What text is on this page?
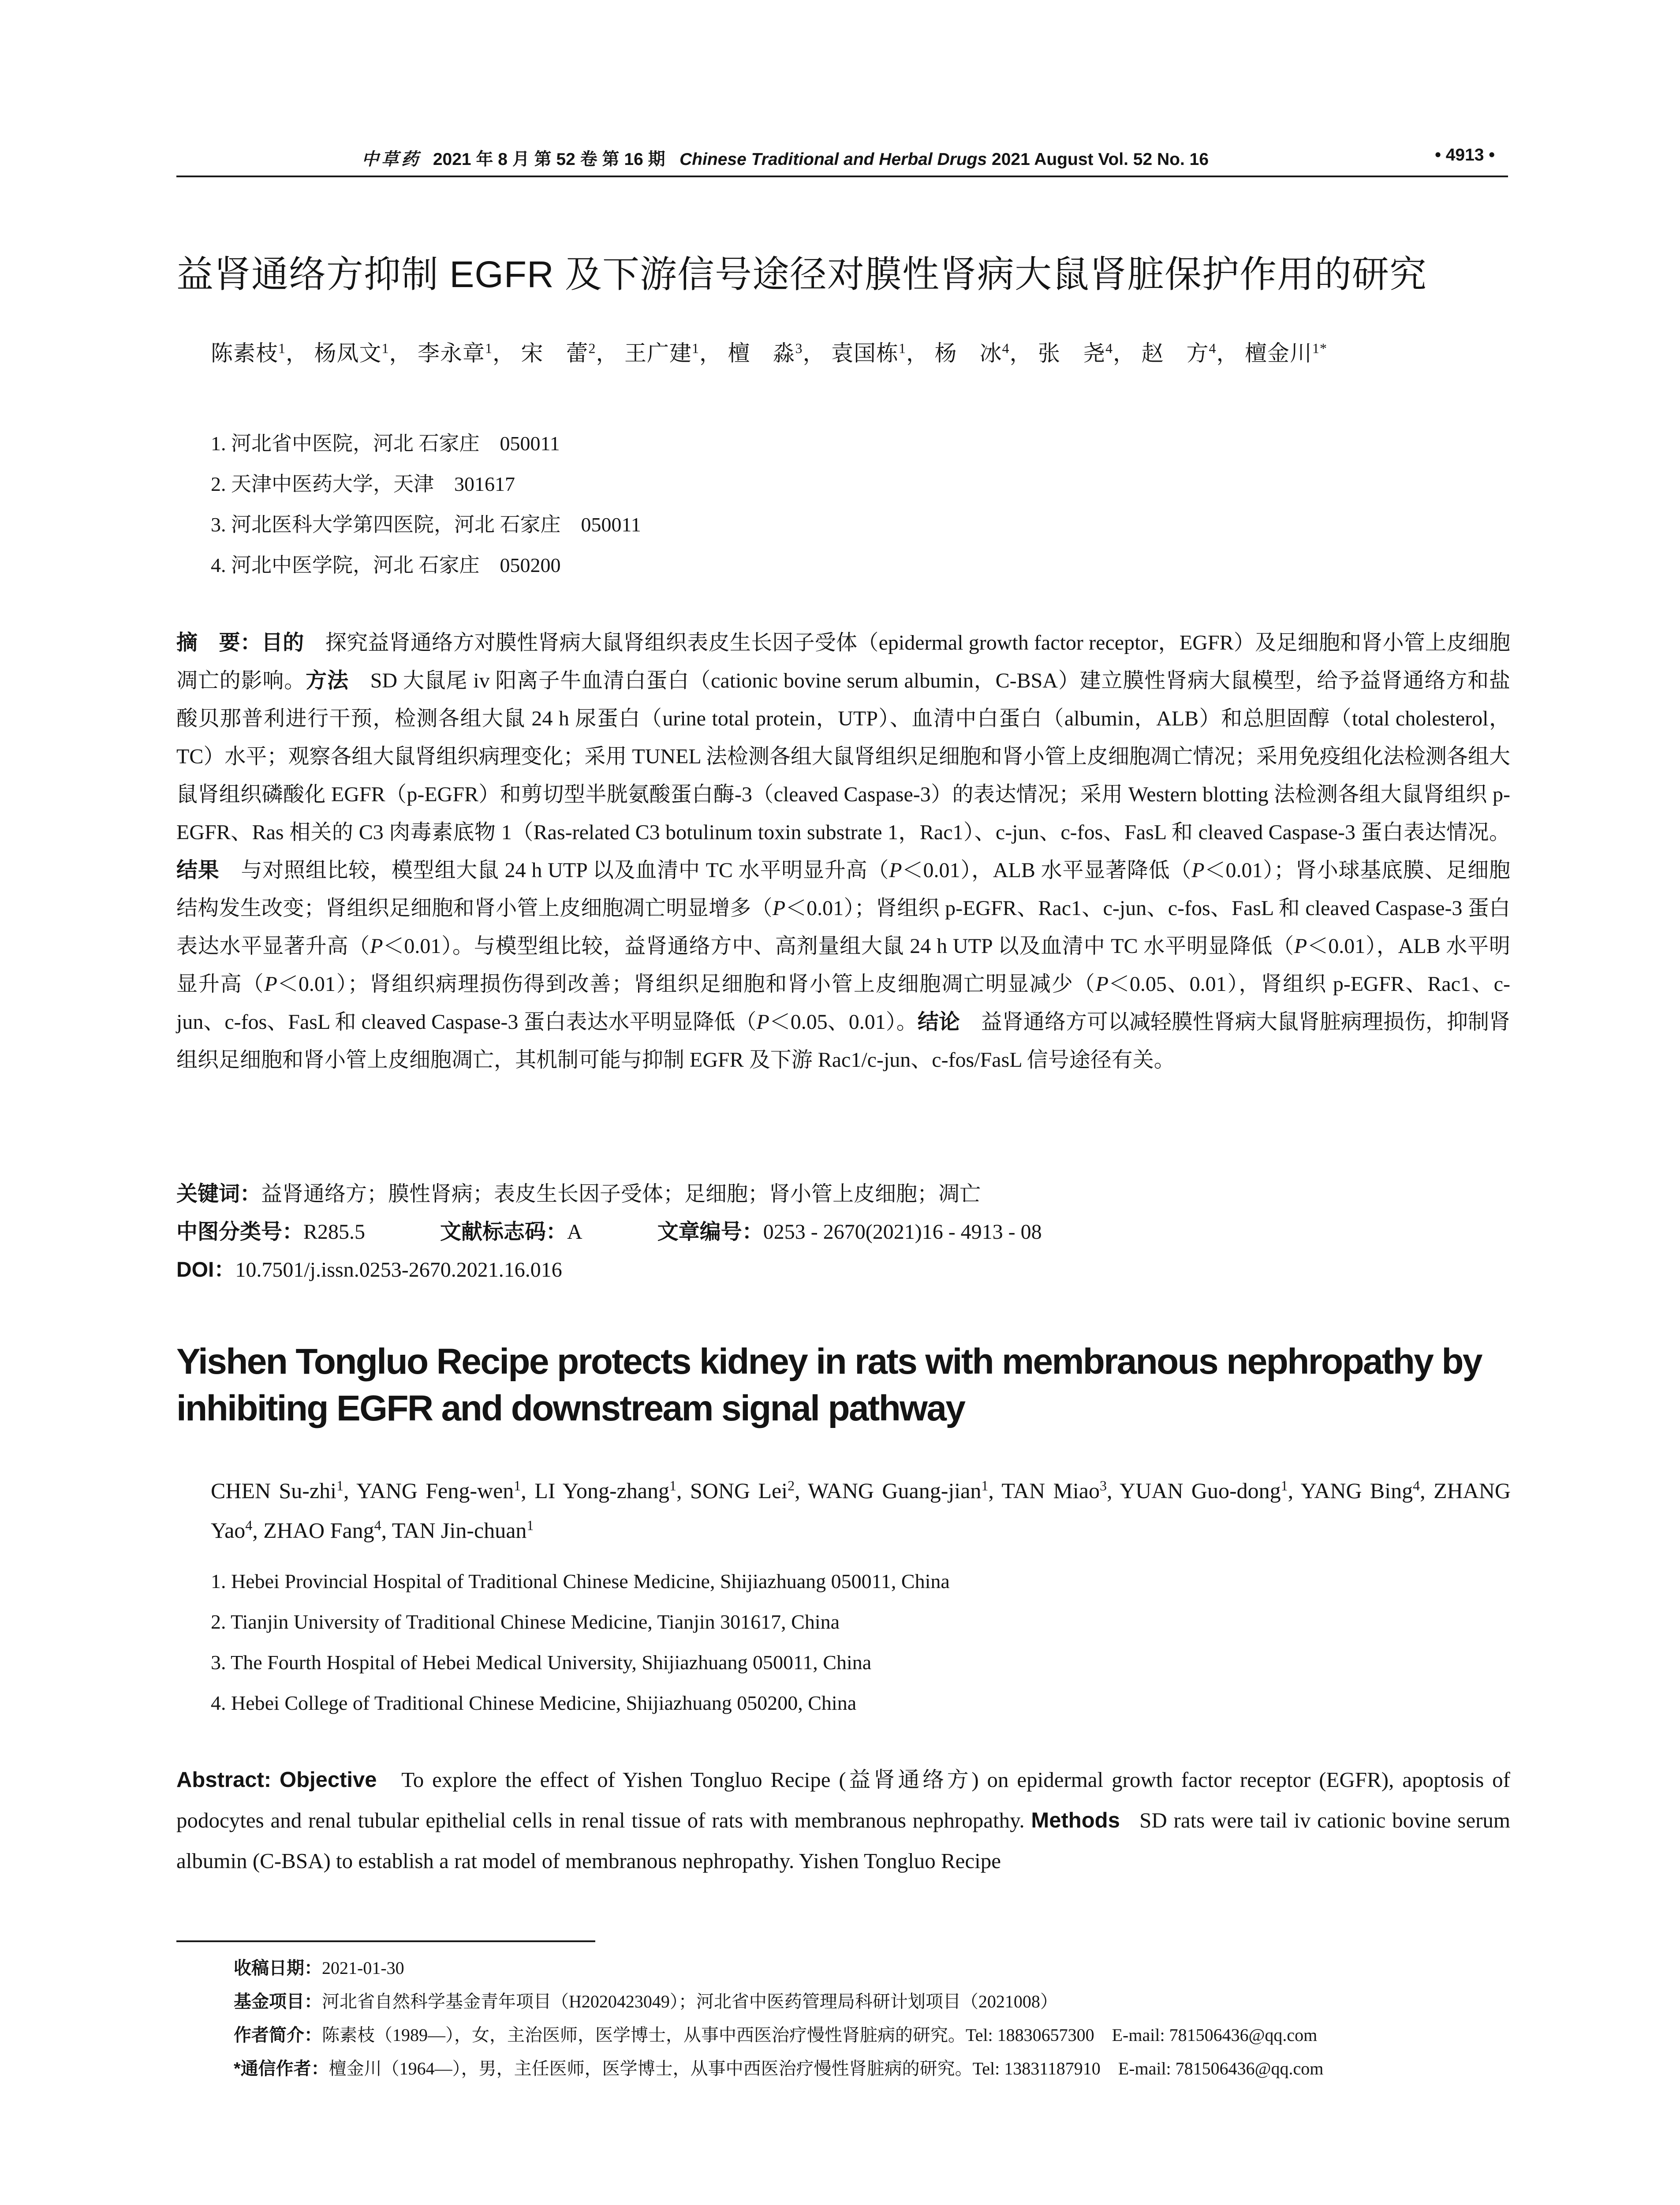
中草药 2021 年 8 月 第 52 卷 第 16 期 Chinese Traditional and Herbal Drugs 2021 August Vol. 52 No. 16	• 4913 •
益肾通络方抑制 EGFR 及下游信号途径对膜性肾病大鼠肾脏保护作用的研究

陈素枝$^1$， 杨凤文$^1$， 李永章$^1$， 宋　蕾$^2$， 王广建$^1$， 檀　淼$^3$， 袁国栋$^1$， 杨　冰$^4$， 张　尧$^4$， 赵　方$^4$， 檀金川$^{1*}$

1. 河北省中医院，河北 石家庄　050011
2. 天津中医药大学，天津　301617
3. 河北医科大学第四医院，河北 石家庄　050011
4. 河北中医学院，河北 石家庄　050200

摘　要：目的　 探究益肾通络方对膜性肾病大鼠肾组织表皮生长因子受体（epidermal growth factor receptor，EGFR）及足细胞和肾小管上皮细胞凋亡的影响。方法　 SD 大鼠尾 iv 阳离子牛血清白蛋白（cationic bovine serum albumin，C-BSA）建立膜性肾病大鼠模型，给予益肾通络方和盐酸贝那普利进行干预，检测各组大鼠 24 h 尿蛋白（urine total protein，UTP）、血清中白蛋白（albumin，ALB）和总胆固醇（total cholesterol，TC）水平；观察各组大鼠肾组织病理变化；采用 TUNEL 法检测各组大鼠肾组织足细胞和肾小管上皮细胞凋亡情况；采用免疫组化法检测各组大鼠肾组织磷酸化 EGFR（p-EGFR）和剪切型半胱氨酸蛋白酶-3（cleaved Caspase-3）的表达情况；采用 Western blotting 法检测各组大鼠肾组织 p-EGFR、Ras 相关的 C3 肉毒素底物 1（Ras-related C3 botulinum toxin substrate 1，Rac1）、c-jun、c-fos、FasL 和 cleaved Caspase-3 蛋白表达情况。结果　 与对照组比较，模型组大鼠 24 h UTP 以及血清中 TC 水平明显升高（P＜0.01），ALB 水平显著降低（P＜0.01）；肾小球基底膜、足细胞结构发生改变；肾组织足细胞和肾小管上皮细胞凋亡明显增多（P＜0.01）；肾组织 p-EGFR、Rac1、c-jun、c-fos、FasL 和 cleaved Caspase-3 蛋白表达水平显著升高（P＜0.01）。与模型组比较，益肾通络方中、高剂量组大鼠 24 h UTP 以及血清中 TC 水平明显降低（P＜0.01），ALB 水平明显升高（P＜0.01）；肾组织病理损伤得到改善；肾组织足细胞和肾小管上皮细胞凋亡明显减少（P＜0.05、0.01），肾组织 p-EGFR、Rac1、c-jun、c-fos、FasL 和 cleaved Caspase-3 蛋白表达水平明显降低（P＜0.05、0.01）。结论　 益肾通络方可以减轻膜性肾病大鼠肾脏病理损伤，抑制肾组织足细胞和肾小管上皮细胞凋亡，其机制可能与抑制 EGFR 及下游 Rac1/c-jun、c-fos/FasL 信号途径有关。

关键词：益肾通络方；膜性肾病；表皮生长因子受体；足细胞；肾小管上皮细胞；凋亡

中图分类号：R285.5	文献标志码：A	文章编号：0253 - 2670(2021)16 - 4913 - 08

DOI：10.7501/j.issn.0253-2670.2021.16.016

Yishen Tongluo Recipe protects kidney in rats with membranous nephropathy by inhibiting EGFR and downstream signal pathway

CHEN Su-zhi$^1$, YANG Feng-wen$^1$, LI Yong-zhang$^1$, SONG Lei$^2$, WANG Guang-jian$^1$, TAN Miao$^3$, YUAN Guo-dong$^1$, YANG Bing$^4$, ZHANG Yao$^4$, ZHAO Fang$^4$, TAN Jin-chuan$^1$

1. Hebei Provincial Hospital of Traditional Chinese Medicine, Shijiazhuang 050011, China
2. Tianjin University of Traditional Chinese Medicine, Tianjin 301617, China
3. The Fourth Hospital of Hebei Medical University, Shijiazhuang 050011, China
4. Hebei College of Traditional Chinese Medicine, Shijiazhuang 050200, China

Abstract: Objective To explore the effect of Yishen Tongluo Recipe (益肾通络方) on epidermal growth factor receptor (EGFR), apoptosis of podocytes and renal tubular epithelial cells in renal tissue of rats with membranous nephropathy. Methods SD rats were tail iv cationic bovine serum albumin (C-BSA) to establish a rat model of membranous nephropathy. Yishen Tongluo Recipe

收稿日期：2021-01-30

基金项目：河北省自然科学基金青年项目（H2020423049）；河北省中医药管理局科研计划项目（2021008）

作者简介：陈素枝（1989—），女，主治医师，医学博士，从事中西医治疗慢性肾脏病的研究。Tel: 18830657300　E-mail: 781506436@qq.com

*通信作者：檀金川（1964—），男，主任医师，医学博士，从事中西医治疗慢性肾脏病的研究。Tel: 13831187910　E-mail: 781506436@qq.com
